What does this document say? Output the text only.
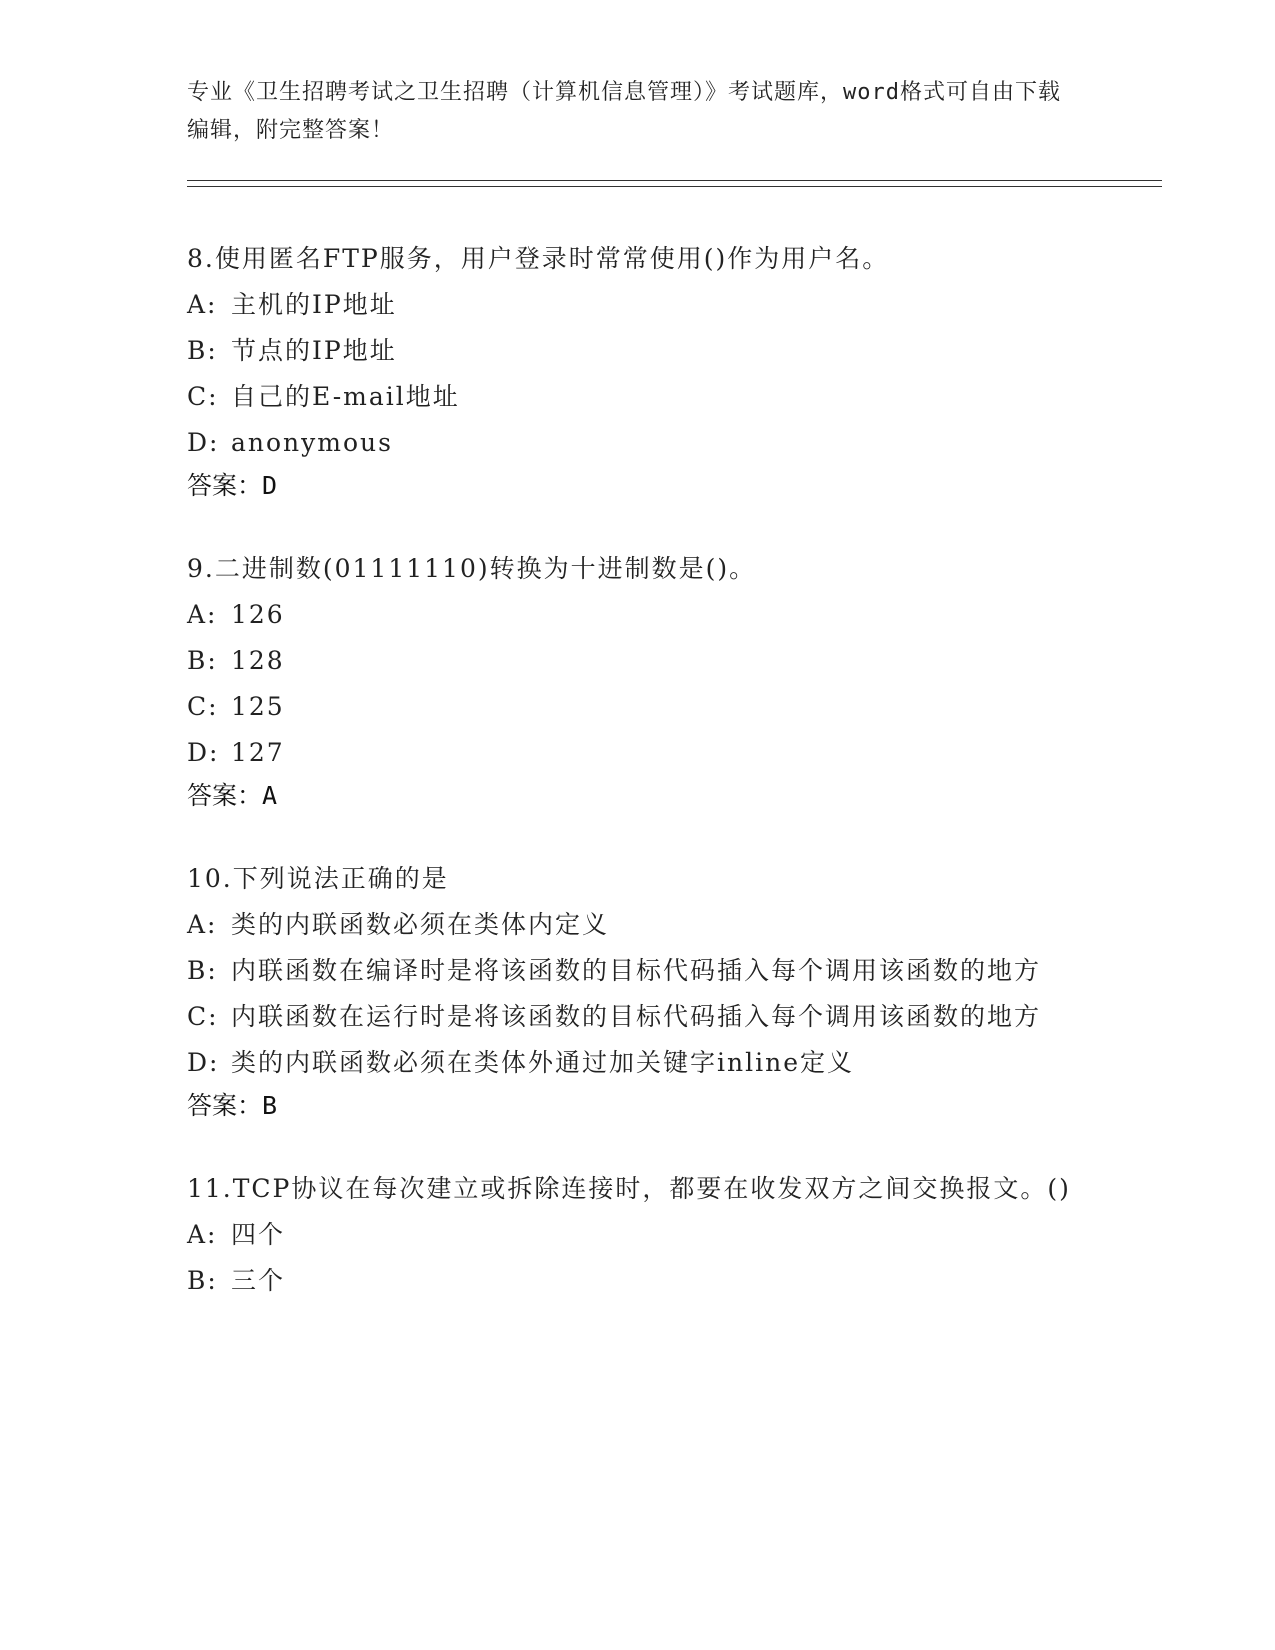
专业《卫生招聘考试之卫生招聘（计算机信息管理）》考试题库，word格式可自由下载编辑，附完整答案！
8.使用匿名FTP服务，用户登录时常常使用()作为用户名。
A: 主机的IP地址
B: 节点的IP地址
C: 自己的E-mail地址
D: anonymous
答案：D
9.二进制数(01111110)转换为十进制数是()。
A: 126
B: 128
C: 125
D: 127
答案：A
10.下列说法正确的是
A: 类的内联函数必须在类体内定义
B: 内联函数在编译时是将该函数的目标代码插入每个调用该函数的地方
C: 内联函数在运行时是将该函数的目标代码插入每个调用该函数的地方
D: 类的内联函数必须在类体外通过加关键字inline定义
答案：B
11.TCP协议在每次建立或拆除连接时，都要在收发双方之间交换报文。()
A: 四个
B: 三个
